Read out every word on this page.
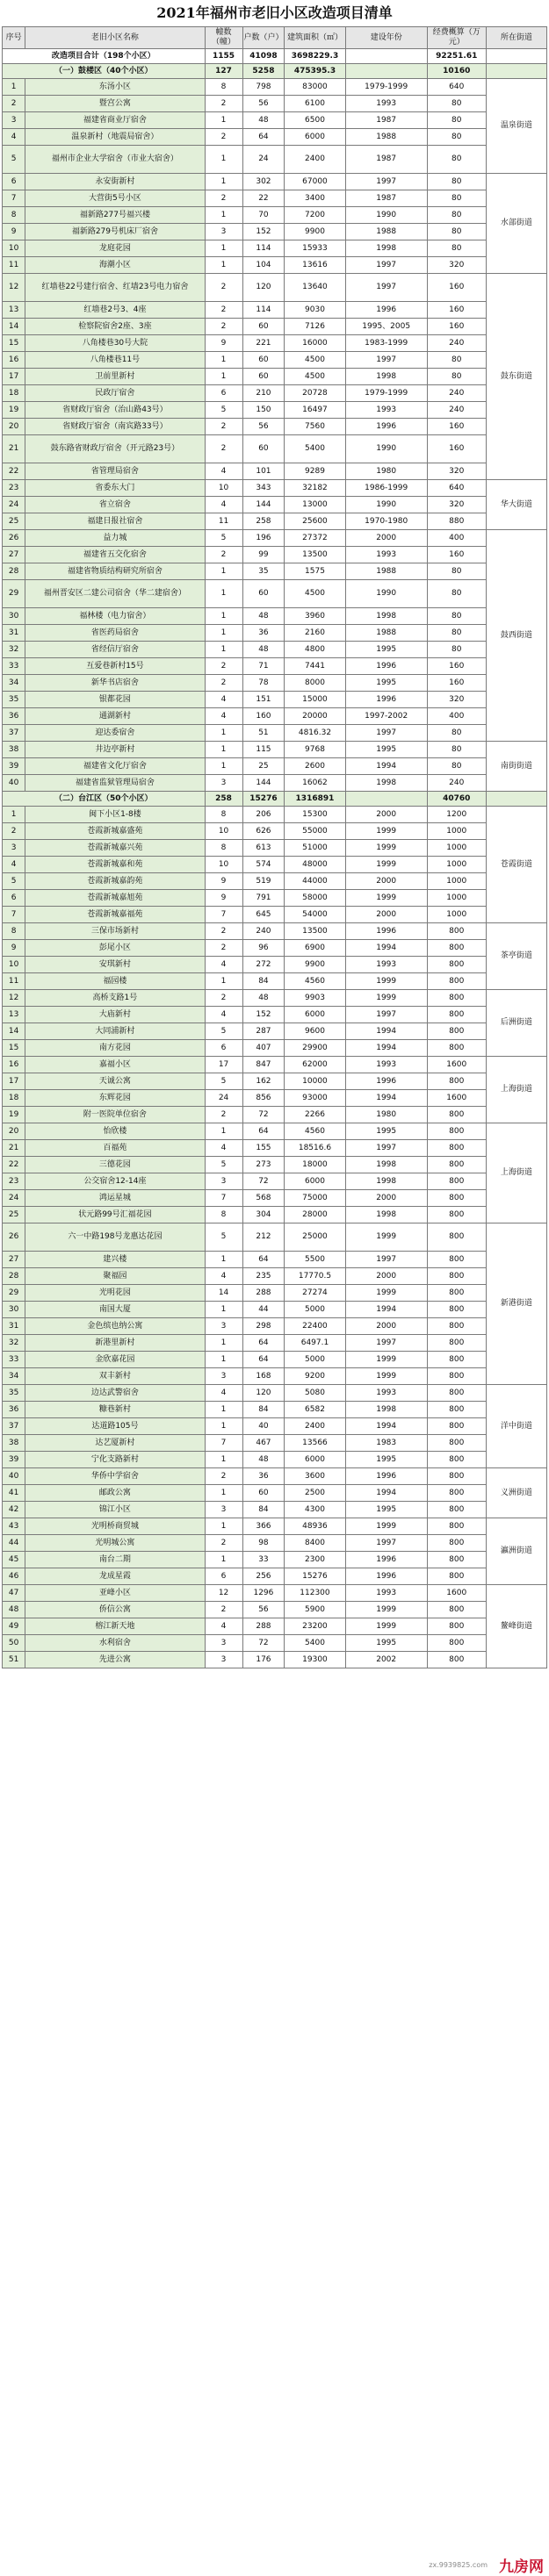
2021年福州市老旧小区改造项目清单
序号	老旧小区名称	幢数（幢）	户数（户）	建筑面积（㎡）	建设年份	经费概算（万元）	所在街道
改造项目合计（198个小区）		1155	41098	3698229.3		92251.61	
（一）鼓楼区（40个小区）		127	5258	475395.3		10160	
1	东汤小区	8	798	83000	1979-1999	640	温泉街道
2	暨宫公寓	2	56	6100	1993	80	
3	福建省商业厅宿舍	1	48	6500	1987	80	
4	温泉新村（地震局宿舍）	2	64	6000	1988	80	
5	福州市企业大学宿舍（市业大宿舍）	1	24	2400	1987	80	
6	永安街新村	1	302	67000	1997	80	水部街道
7	大营街5号小区	2	22	3400	1987	80	
8	福新路277号福兴楼	1	70	7200	1990	80	
9	福新路279号机床厂宿舍	3	152	9900	1988	80	
10	龙庭花园	1	114	15933	1998	80	
11	海潮小区	1	104	13616	1997	320	
12	红墙巷22号建行宿舍、红墙23号电力宿舍	2	120	13640	1997	160	鼓东街道
13	红墙巷2号3、4座	2	114	9030	1996	160	
14	检察院宿舍2座、3座	2	60	7126	1995、2005	160	
15	八角楼巷30号大院	9	221	16000	1983-1999	240	
16	八角楼巷11号	1	60	4500	1997	80	
17	卫前里新村	1	60	4500	1998	80	
18	民政厅宿舍	6	210	20728	1979-1999	240	
19	省财政厅宿舍（治山路43号）	5	150	16497	1993	240	
20	省财政厅宿舍（南宾路33号）	2	56	7560	1996	160	
21	鼓东路省财政厅宿舍（开元路23号）	2	60	5400	1990	160	
22	省管理局宿舍	4	101	9289	1980	320	
23	省委东大门	10	343	32182	1986-1999	640	华大街道
24	省立宿舍	4	144	13000	1990	320	
25	福建日报社宿舍	11	258	25600	1970-1980	880	
26	益力城	5	196	27372	2000	400	鼓西街道
27	福建省五交化宿舍	2	99	13500	1993	160	
28	福建省物质结构研究所宿舍	1	35	1575	1988	80	
29	福州晋安区二建公司宿舍（华二建宿舍）	1	60	4500	1990	80	
30	福林楼（电力宿舍）	1	48	3960	1998	80	
31	省医药局宿舍	1	36	2160	1988	80	
32	省经信厅宿舍	1	48	4800	1995	80	
33	互爱巷新村15号	2	71	7441	1996	160	
34	新华书店宿舍	2	78	8000	1995	160	
35	银都花园	4	151	15000	1996	320	
36	通湖新村	4	160	20000	1997-2002	400	
37	迎达委宿舍	1	51	4816.32	1997	80	
38	井边亭新村	1	115	9768	1995	80	南街街道
39	福建省文化厅宿舍	1	25	2600	1994	80	
40	福建省监狱管理局宿舍	3	144	16062	1998	240	
（二）台江区（50个小区）		258	15276	1316891		40760	
1	闽下小区1-8楼	8	206	15300	2000	1200	苍霞街道
2	苍霞新城嘉盛苑	10	626	55000	1999	1000	
3	苍霞新城嘉兴苑	8	613	51000	1999	1000	
4	苍霞新城嘉和苑	10	574	48000	1999	1000	
5	苍霞新城嘉韵苑	9	519	44000	2000	1000	
6	苍霞新城嘉旭苑	9	791	58000	1999	1000	
7	苍霞新城嘉福苑	7	645	54000	2000	1000	
8	三保市场新村	2	240	13500	1996	800	茶亭街道
9	彭尾小区	2	96	6900	1994	800	
10	安琪新村	4	272	9900	1993	800	
11	福园楼	1	84	4560	1999	800	
12	高桥支路1号	2	48	9903	1999	800	后洲街道
13	大庙新村	4	152	6000	1997	800	
14	大同浦新村	5	287	9600	1994	800	
15	南方花园	6	407	29900	1994	800	
16	嘉福小区	17	847	62000	1993	1600	上海街道
17	天诚公寓	5	162	10000	1996	800	
18	东辉花园	24	856	93000	1994	1600	
19	附一医院单位宿舍	2	72	2266	1980	800	
20	怡欣楼	1	64	4560	1995	800	上海街道
21	百福苑	4	155	18516.6	1997	800	
22	三德花园	5	273	18000	1998	800	
23	公交宿舍12-14座	3	72	6000	1998	800	
24	鸿运星城	7	568	75000	2000	800	
25	状元路99号汇福花园	8	304	28000	1998	800	
26	六一中路198号龙惠达花园	5	212	25000	1999	800	新港街道
27	建兴楼	1	64	5500	1997	800	
28	聚福园	4	235	17770.5	2000	800	
29	光明花园	14	288	27274	1999	800	
30	南国大厦	1	44	5000	1994	800	
31	金色缤也纳公寓	3	298	22400	2000	800	
32	新港里新村	1	64	6497.1	1997	800	
33	金欣嘉花园	1	64	5000	1999	800	
34	双丰新村	3	168	9200	1999	800	
35	边达武警宿舍	4	120	5080	1993	800	洋中街道
36	糠巷新村	1	84	6582	1998	800	
37	达道路105号	1	40	2400	1994	800	
38	达艺厦新村	7	467	13566	1983	800	
39	宁化支路新村	1	48	6000	1995	800	
40	华侨中学宿舍	2	36	3600	1996	800	义洲街道
41	邮政公寓	1	60	2500	1994	800	
42	锦江小区	3	84	4300	1995	800	
43	光明桥商贸城	1	366	48936	1999	800	瀛洲街道
44	光明城公寓	2	98	8400	1997	800	
45	南台二期	1	33	2300	1996	800	
46	龙成星霞	6	256	15276	1996	800	
47	亚峰小区	12	1296	112300	1993	1600	鳌峰街道
48	侨信公寓	2	56	5900	1999	800	
49	榕江新天地	4	288	23200	1999	800	
50	水利宿舍	3	72	5400	1995	800	
51	先进公寓	3	176	19300	2002	800	
zx.9939825.com 九房网
